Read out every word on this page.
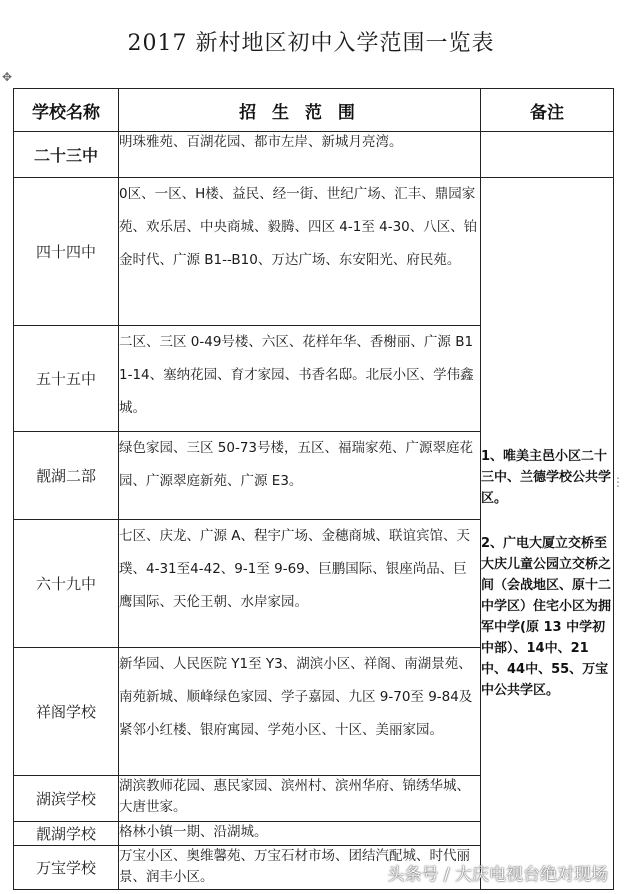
2017 新村地区初中入学范围一览表
✥
学校名称	招 生 范 围	备注
二十三中	明珠雅苑、百湖花园、都市左岸、新城月亮湾。	
四十四中	0区、一区、H楼、益民、经一街、世纪广场、汇丰、鼎园家苑、欢乐居、中央商城、毅腾、四区 4-1至 4-30、八区、铂金时代、广源 B1--B10、万达广场、东安阳光、府民苑。	1、唯美主邑小区二十三中、兰德学校公共学区。
2、广电大厦立交桥至大庆儿童公园立交桥之间（会战地区、原十二中学区）住宅小区为拥军中学(原 13 中学初中部）、14中、21中、44中、55、万宝中公共学区。

五十五中	二区、三区 0-49号楼、六区、花样年华、香榭丽、广源 B11-14、塞纳花园、育才家园、书香名邸。北辰小区、学伟鑫城。	
靓湖二部	绿色家园、三区 50-73号楼，五区、福瑞家苑、广源翠庭花园、广源翠庭新苑、广源 E3。	
六十九中	七区、庆龙、广源 A、程宇广场、金穗商城、联谊宾馆、天璞、4-31至4-42、9-1至 9-69、巨鹏国际、银座尚品、巨鹰国际、天伦王朝、水岸家园。	
祥阁学校	新华园、人民医院 Y1至 Y3、湖滨小区、祥阁、南湖景苑、南苑新城、顺峰绿色家园、学子嘉园、九区 9-70至 9-84及紧邻小红楼、银府寓园、学苑小区、十区、美丽家园。	
湖滨学校	湖滨教师花园、惠民家园、滨州村、滨州华府、锦绣华城、大唐世家。	
靓湖学校	格林小镇一期、沿湖城。	
万宝学校	万宝小区、奥维馨苑、万宝石材市场、团结汽配城、时代丽景、润丰小区。	
⋮
头条号 / 大庆电视台绝对现场
